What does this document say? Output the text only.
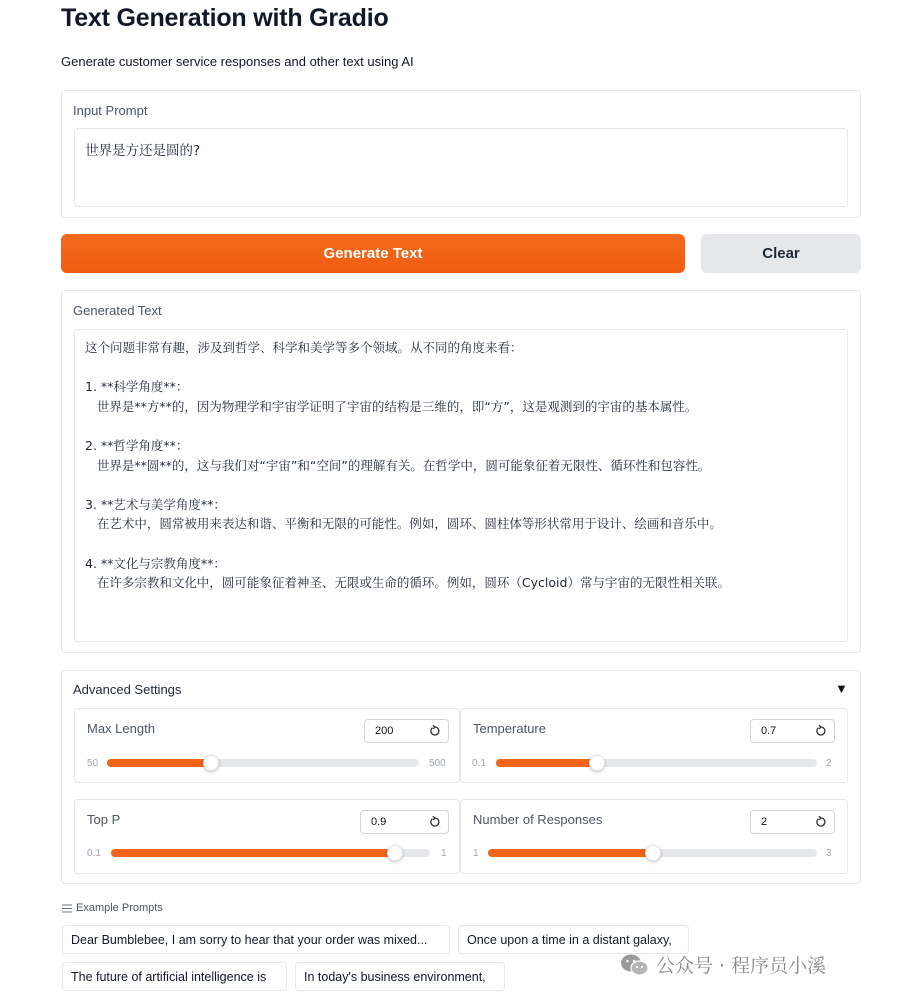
Text Generation with Gradio
Generate customer service responses and other text using AI
Input Prompt
世界是方还是圆的?
Generate Text	Clear
Generated Text
这个问题非常有趣，涉及到哲学、科学和美学等多个领域。从不同的角度来看：
1. **科学角度**：
世界是**方**的，因为物理学和宇宙学证明了宇宙的结构是三维的，即“方”，这是观测到的宇宙的基本属性。
2. **哲学角度**：
世界是**圆**的，这与我们对“宇宙”和“空间”的理解有关。在哲学中，圆可能象征着无限性、循环性和包容性。
3. **艺术与美学角度**：
在艺术中，圆常被用来表达和谐、平衡和无限的可能性。例如，圆环、圆柱体等形状常用于设计、绘画和音乐中。
4. **文化与宗教角度**：
在许多宗教和文化中，圆可能象征着神圣、无限或生命的循环。例如，圆环（Cycloid）常与宇宙的无限性相关联。
Advanced Settings	▼
Max Length	200
50	500
Temperature	0.7
0.1	2
Top P	0.9
0.1	1
Number of Responses	2
1	3
Example Prompts
Dear Bumblebee, I am sorry to hear that your order was mixed...	Once upon a time in a distant galaxy,
The future of artificial intelligence is	In today's business environment,	公众号 · 程序员小溪
